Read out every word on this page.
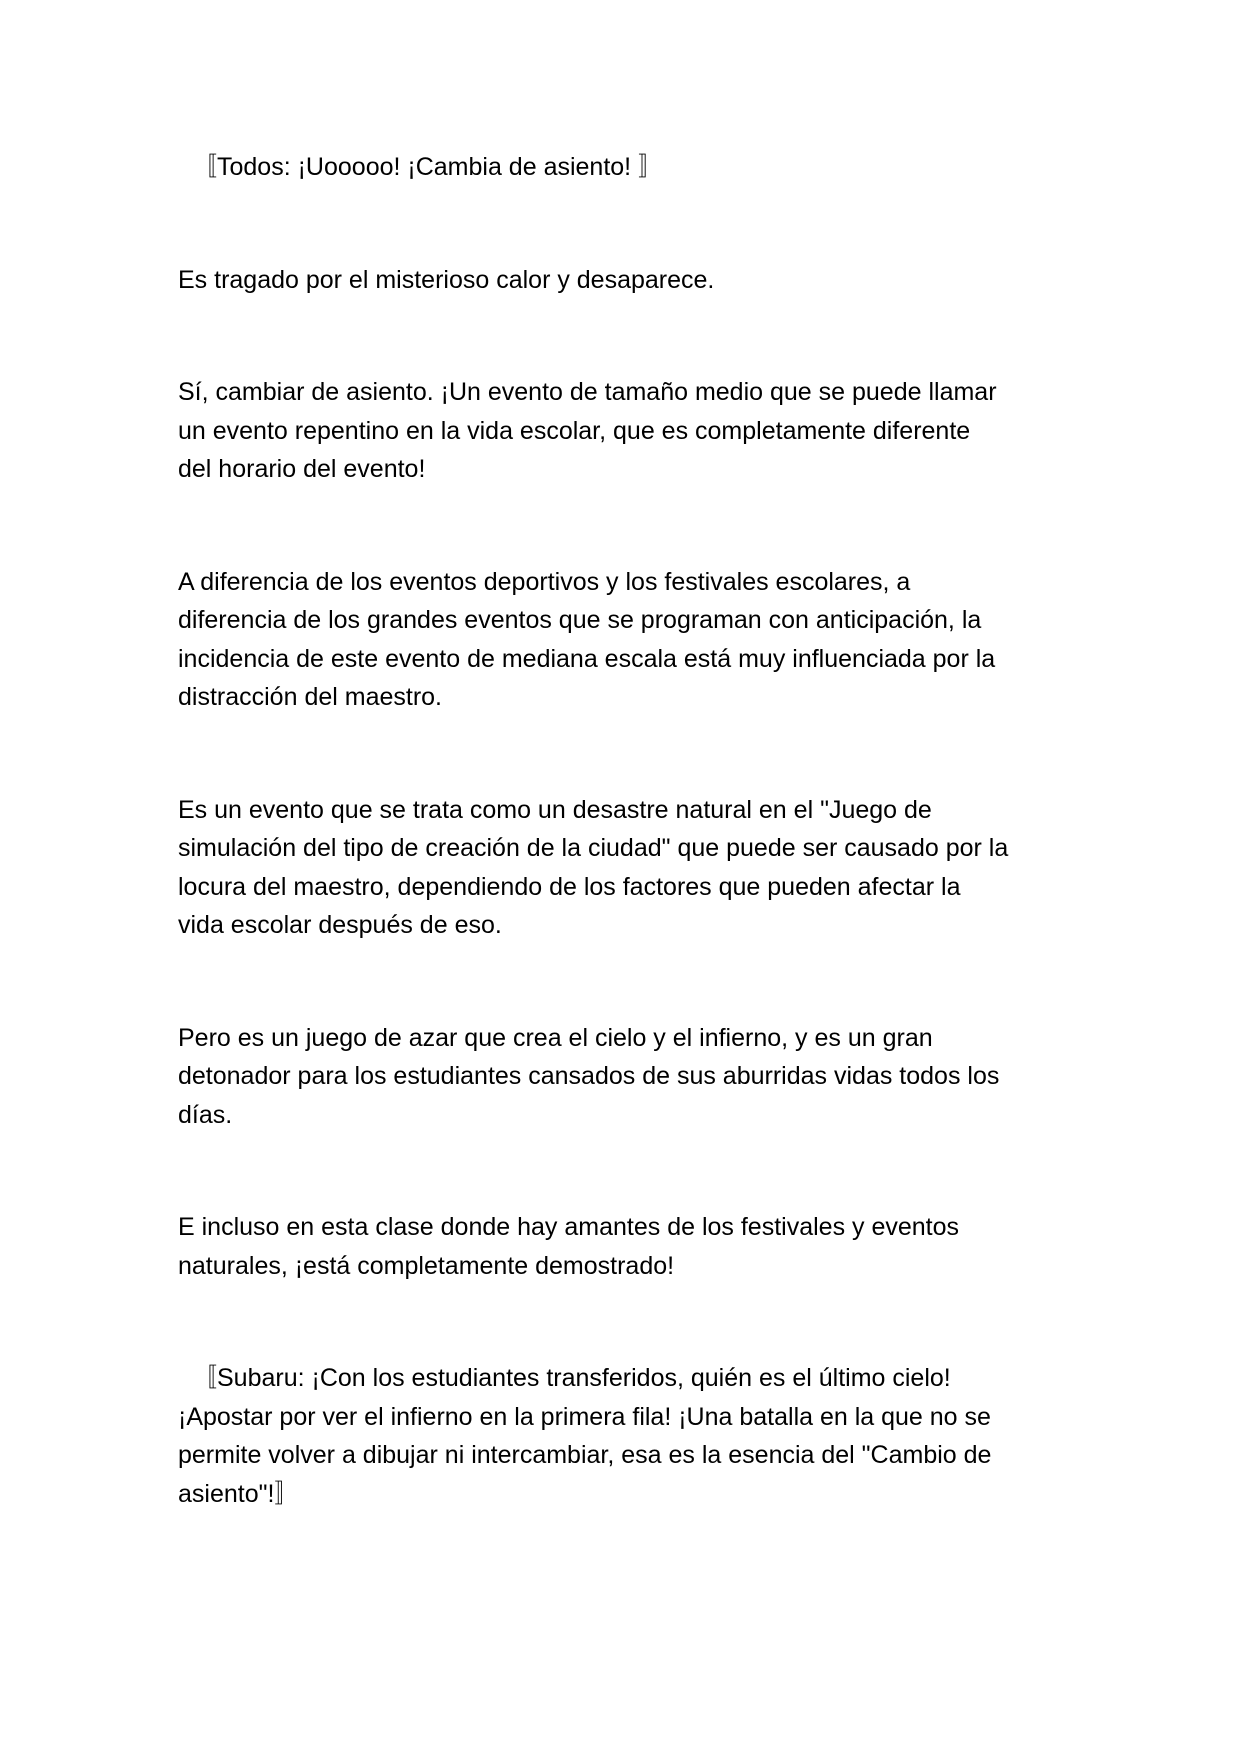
〚Todos: ¡Uooooo! ¡Cambia de asiento! 〛
Es tragado por el misterioso calor y desaparece.
Sí, cambiar de asiento. ¡Un evento de tamaño medio que se puede llamar
un evento repentino en la vida escolar, que es completamente diferente
del horario del evento!
A diferencia de los eventos deportivos y los festivales escolares, a
diferencia de los grandes eventos que se programan con anticipación, la
incidencia de este evento de mediana escala está muy influenciada por la
distracción del maestro.
Es un evento que se trata como un desastre natural en el "Juego de
simulación del tipo de creación de la ciudad" que puede ser causado por la
locura del maestro, dependiendo de los factores que pueden afectar la
vida escolar después de eso.
Pero es un juego de azar que crea el cielo y el infierno, y es un gran
detonador para los estudiantes cansados de sus aburridas vidas todos los
días.
E incluso en esta clase donde hay amantes de los festivales y eventos
naturales, ¡está completamente demostrado!
〚Subaru: ¡Con los estudiantes transferidos, quién es el último cielo!
¡Apostar por ver el infierno en la primera fila! ¡Una batalla en la que no se
permite volver a dibujar ni intercambiar, esa es la esencia del "Cambio de
asiento"!〛
